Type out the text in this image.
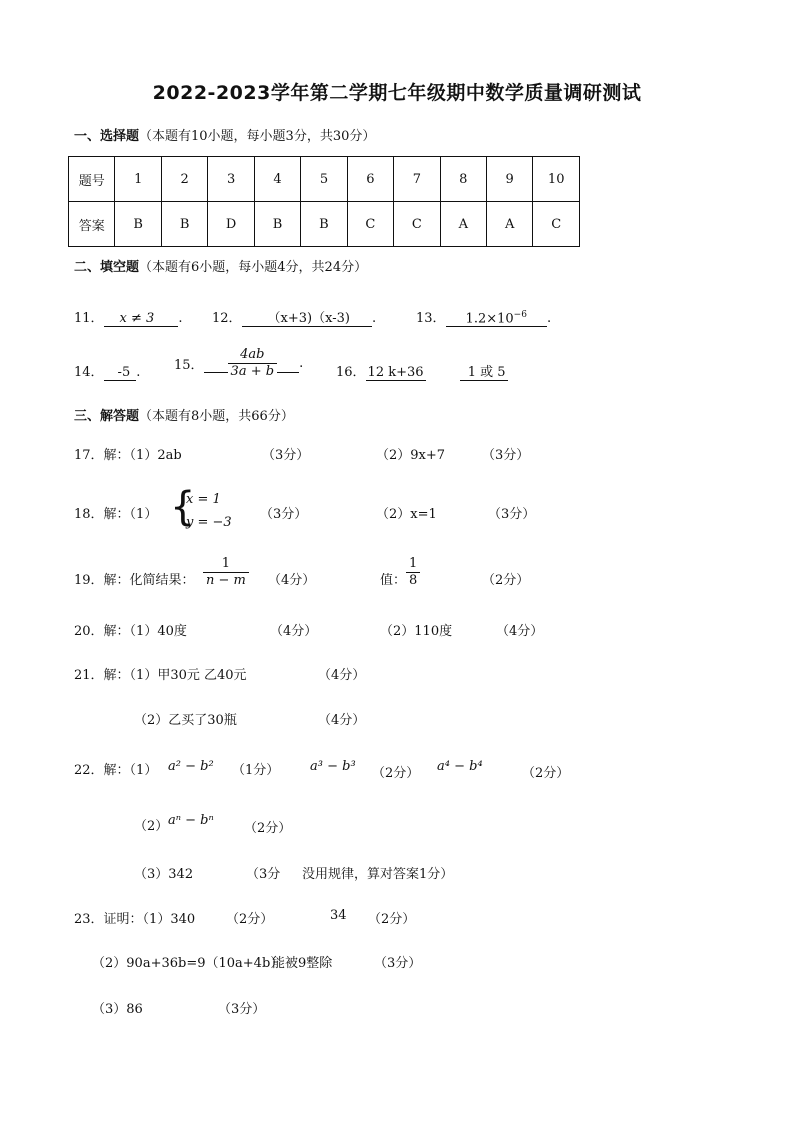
2022-2023学年第二学期七年级期中数学质量调研测试
一、选择题（本题有10小题，每小题3分，共30分）
题号	1	2	3	4	5	6	7	8	9	10
答案	B	B	D	B	B	C	C	A	A	C
二、填空题（本题有6小题，每小题4分，共24分）
11． x ≠ 3 . 12． （x+3)（x-3) .	13． $1.2\times 10^{-6}$ .
14． -5 .	15． $\frac{4ab}{3a + b}$ .
16． 12 k+36	1 或 5
三、解答题（本题有8小题，共66分）
17．解：（1）2ab	（3分）	（2）9x+7	（3分）
18．解：（1） {
x = 1
y = −3
（3分）	（2）x=1	（3分）
19．解：化简结果： $\frac{1}{n - m} (4$分）	值： $\frac{1}{8}$	（2分）
20．解：（1）40度	（4分）	（2）110度	（4分）
21．解：（1）甲30元 乙40元	（4分）
（2）乙买了30瓶	（4分）
22．解：（1） a² − b² （1分） a³ − b³ （2分） a⁴ − b⁴	（2分）
（2） aⁿ − bⁿ
（2分）
（3）342	（3分 没用规律，算对答案1分）
23．证明：（1）340 （2分）	34 （2分）
（2）90a+36b=9（10a+4b）
能被9整除	（3分）
（3）86	（3分）
